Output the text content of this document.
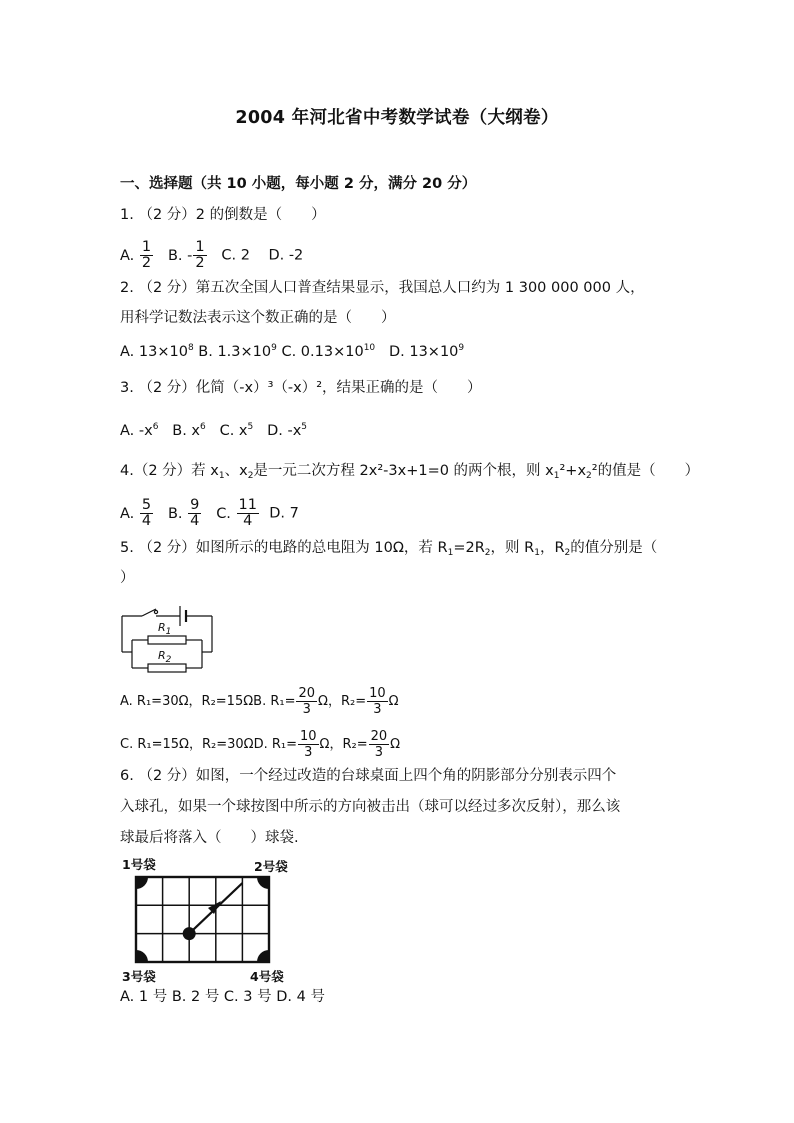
2004 年河北省中考数学试卷（大纲卷）
一、选择题（共 10 小题，每小题 2 分，满分 20 分）
1. （2 分）2 的倒数是（　　）
A. $\frac{1}{2} B$. - $\frac{1}{2} C$. 2 D. -2
2. （2 分）第五次全国人口普查结果显示，我国总人口约为 1 300 000 000 人，
用科学记数法表示这个数正确的是（　　）
A. $13\times 10^8$ B. $1.3\times 10^9$ C. $0.13\times 10^{10}$ D. $13\times 10^9$
3. （2 分）化简（-x）³（-x）²，结果正确的是（　　）
A. $-x^6$ B. $x^6$ C. $x^5$ D. $-x^5$
4.（2 分）若 $x_1$、$x_2$是一元二次方程 2x²-3x+1=0 的两个根，则 $x_1^2+x_2^2$的值是（　　）
A. $\frac{5}{4} B$. $\frac{9}{4} C$. $\frac{11}{4} D$. 7
5. （2 分）如图所示的电路的总电阻为 10Ω，若 $R_1=2R_2$，则 $R_1$，$R_2$的值分别是（
）
$R_1$
$R_2$
A. R₁=30Ω，R₂=15ΩB. $R_1= \frac{20}{3}$ Ω，$R_2= \frac{10}{3}$ Ω
C. R₁=15Ω，R₂=30ΩD. $R_1= \frac{10}{3}$ Ω，$R_2= \frac{20}{3}$ Ω
6. （2 分）如图，一个经过改造的台球桌面上四个角的阴影部分分别表示四个
入球孔，如果一个球按图中所示的方向被击出（球可以经过多次反射），那么该
球最后将落入（　　）球袋.
1号袋	2号袋
3号袋	4号袋
A. 1 号 B. 2 号 C. 3 号 D. 4 号
